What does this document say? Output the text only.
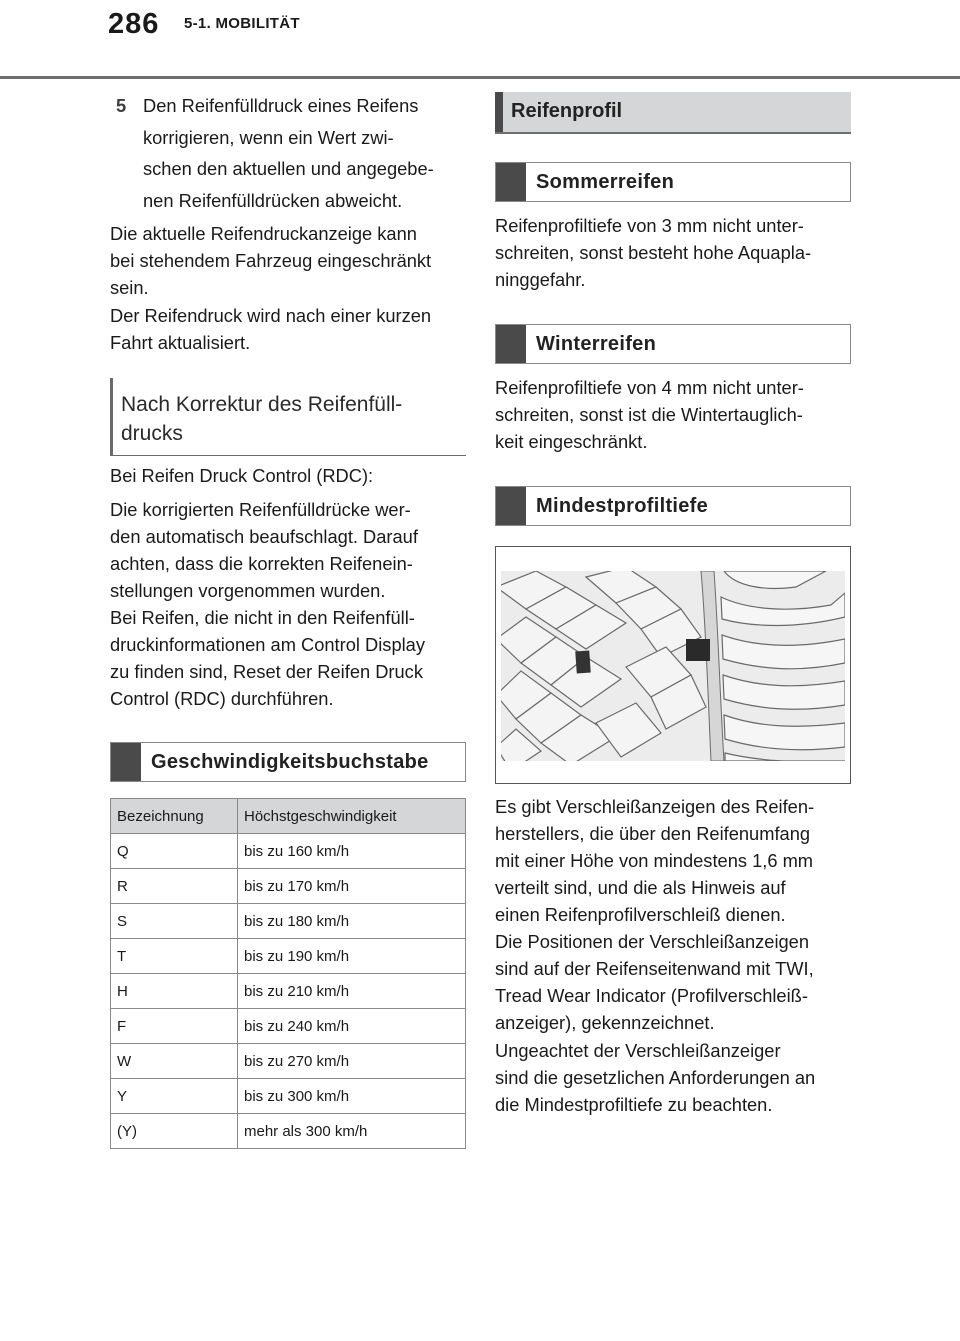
286 5-1. MOBILITÄT
5 Den Reifenfülldruck eines Reifens
korrigieren, wenn ein Wert zwi-
schen den aktuellen und angegebe-
nen Reifenfülldrücken abweicht.

Die aktuelle Reifendruckanzeige kann

bei stehendem Fahrzeug eingeschränkt

sein.

Der Reifendruck wird nach einer kurzen

Fahrt aktualisiert.

Nach Korrektur des Reifenfüll-
drucks

Bei Reifen Druck Control (RDC):

Die korrigierten Reifenfülldrücke wer-

den automatisch beaufschlagt. Darauf

achten, dass die korrekten Reifenein-

stellungen vorgenommen wurden.

Bei Reifen, die nicht in den Reifenfüll-

druckinformationen am Control Display

zu finden sind, Reset der Reifen Druck

Control (RDC) durchführen.

Geschwindigkeitsbuchstabe
Bezeichnung	Höchstgeschwindigkeit
Q	bis zu 160 km/h
R	bis zu 170 km/h
S	bis zu 180 km/h
T	bis zu 190 km/h
H	bis zu 210 km/h
F	bis zu 240 km/h
W	bis zu 270 km/h
Y	bis zu 300 km/h
(Y)	mehr als 300 km/h
Reifenprofil
Sommerreifen

Reifenprofiltiefe von 3 mm nicht unter-

schreiten, sonst besteht hohe Aquapla-

ninggefahr.

Winterreifen

Reifenprofiltiefe von 4 mm nicht unter-

schreiten, sonst ist die Wintertauglich-

keit eingeschränkt.

Mindestprofiltiefe

Es gibt Verschleißanzeigen des Reifen-

herstellers, die über den Reifenumfang

mit einer Höhe von mindestens 1,6 mm

verteilt sind, und die als Hinweis auf

einen Reifenprofilverschleiß dienen.

Die Positionen der Verschleißanzeigen

sind auf der Reifenseitenwand mit TWI,

Tread Wear Indicator (Profilverschleiß-

anzeiger), gekennzeichnet.

Ungeachtet der Verschleißanzeiger

sind die gesetzlichen Anforderungen an

die Mindestprofiltiefe zu beachten.
